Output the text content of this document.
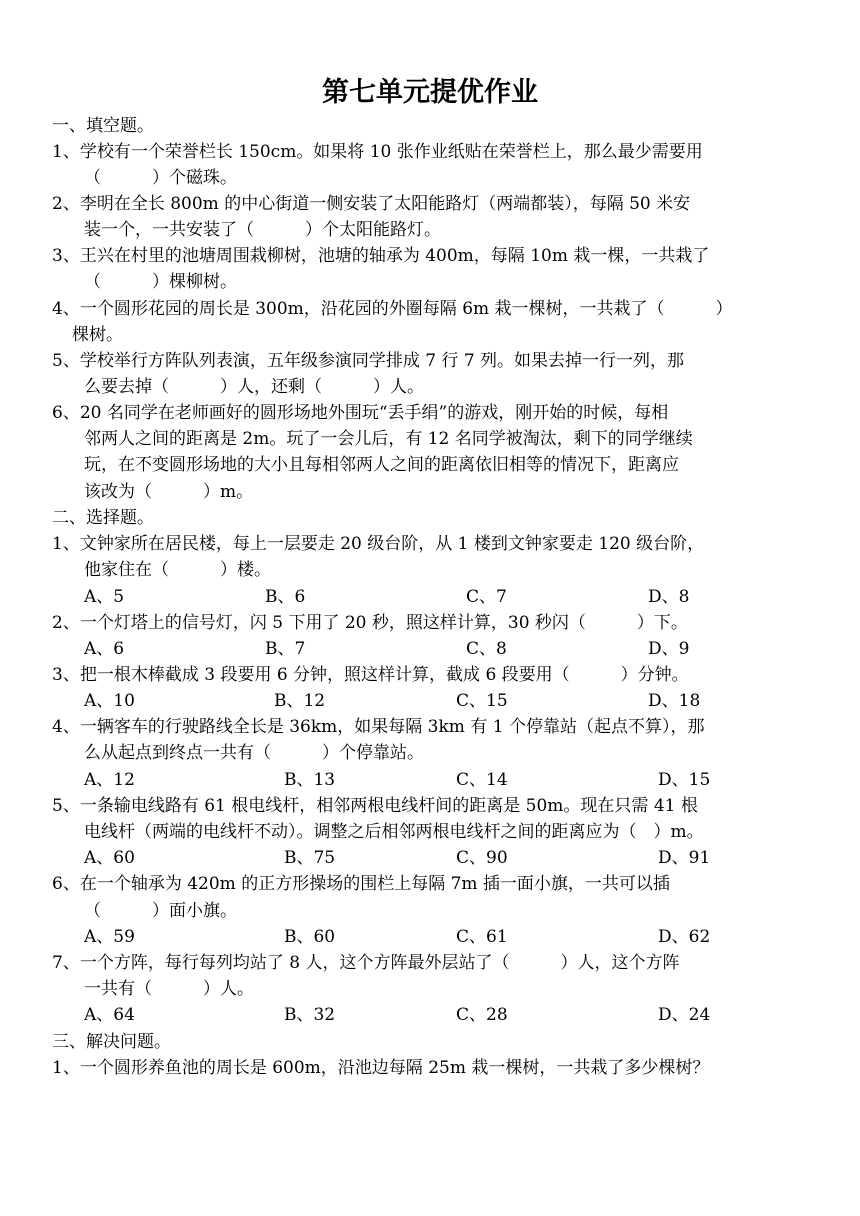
第七单元提优作业
一、填空题。
1、学校有一个荣誉栏长 150cm。如果将 10 张作业纸贴在荣誉栏上，那么最少需要用
（　　　）个磁珠。
2、李明在全长 800m 的中心街道一侧安装了太阳能路灯（两端都装），每隔 50 米安
装一个，一共安装了（　　　）个太阳能路灯。
3、王兴在村里的池塘周围栽柳树，池塘的轴承为 400m，每隔 10m 栽一棵，一共栽了
（　　　）棵柳树。
4、一个圆形花园的周长是 300m，沿花园的外圈每隔 6m 栽一棵树，一共栽了（　　　）
棵树。
5、学校举行方阵队列表演，五年级参演同学排成 7 行 7 列。如果去掉一行一列，那
么要去掉（　　　）人，还剩（　　　）人。
6、20 名同学在老师画好的圆形场地外围玩“丢手绢”的游戏，刚开始的时候，每相
邻两人之间的距离是 2m。玩了一会儿后，有 12 名同学被淘汰，剩下的同学继续
玩，在不变圆形场地的大小且每相邻两人之间的距离依旧相等的情况下，距离应
该改为（　　　）m。
二、选择题。
1、文钟家所在居民楼，每上一层要走 20 级台阶，从 1 楼到文钟家要走 120 级台阶，
他家住在（　　　）楼。
A、5	B、6	C、7	D、8
2、一个灯塔上的信号灯，闪 5 下用了 20 秒，照这样计算，30 秒闪（　　　）下。
A、6	B、7	C、8	D、9
3、把一根木棒截成 3 段要用 6 分钟，照这样计算，截成 6 段要用（　　　）分钟。
A、10	B、12	C、15	D、18
4、一辆客车的行驶路线全长是 36km，如果每隔 3km 有 1 个停靠站（起点不算），那
么从起点到终点一共有（　　　）个停靠站。
A、12	B、13	C、14	D、15
5、一条输电线路有 61 根电线杆，相邻两根电线杆间的距离是 50m。现在只需 41 根
电线杆（两端的电线杆不动）。调整之后相邻两根电线杆之间的距离应为（　）m。
A、60	B、75	C、90	D、91
6、在一个轴承为 420m 的正方形操场的围栏上每隔 7m 插一面小旗，一共可以插
（　　　）面小旗。
A、59	B、60	C、61	D、62
7、一个方阵，每行每列均站了 8 人，这个方阵最外层站了（　　　）人，这个方阵
一共有（　　　）人。
A、64	B、32	C、28	D、24
三、解决问题。
1、一个圆形养鱼池的周长是 600m，沿池边每隔 25m 栽一棵树，一共栽了多少棵树？
